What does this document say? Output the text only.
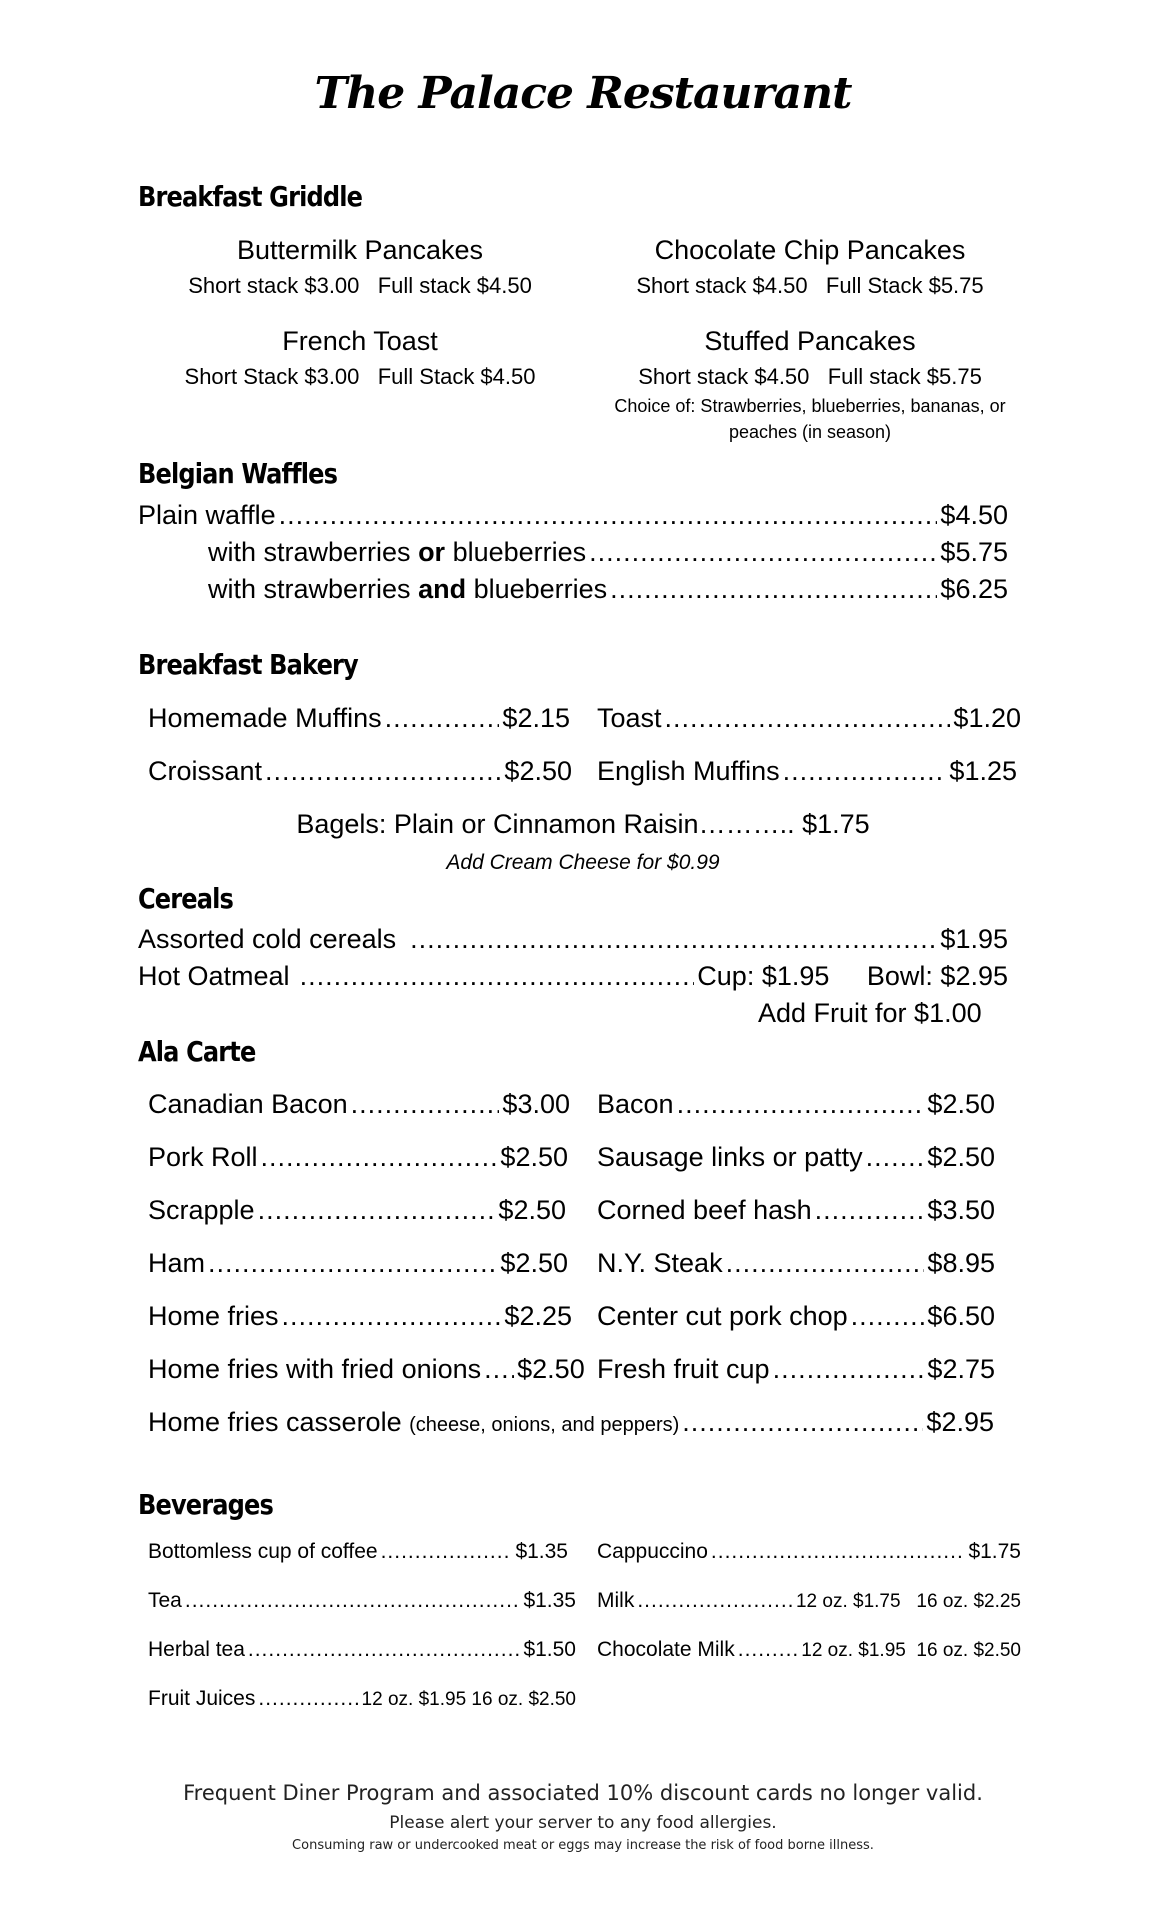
The Palace Restaurant
Breakfast Griddle
Buttermilk Pancakes
Short stack $3.00   Full stack $4.50
Chocolate Chip Pancakes
Short stack $4.50   Full Stack $5.75
French Toast
Short Stack $3.00   Full Stack $4.50
Stuffed Pancakes
Short stack $4.50   Full stack $5.75
Choice of: Strawberries, blueberries, bananas, or peaches (in season)
Belgian Waffles
Plain waffle .....	$4.50
with strawberries or blueberries .....	$5.75
with strawberries and blueberries .....	$6.25
Breakfast Bakery
Homemade Muffins .....	$2.15 Toast .....	$1.20
Croissant .....	$2.50 English Muffins .....	$1.25
Bagels: Plain or Cinnamon Raisin……….. $1.75
Add Cream Cheese for $0.99
Cereals
Assorted cold cereals .....	$1.95
Hot Oatmeal .....	Cup: $1.95     Bowl: $2.95
Add Fruit for $1.00
Ala Carte
Canadian Bacon .....	$3.00 Bacon .....	$2.50
Pork Roll .....	$2.50 Sausage links or patty ..... $2.50
Scrapple .....	$2.50 Corned beef hash .....	$3.50
Ham .....	$2.50 N.Y. Steak .....	$8.95
Home fries .....	$2.25 Center cut pork chop .....	$6.50
Home fries with fried onions ..... $2.50 Fresh fruit cup .....	$2.75
Home fries casserole (cheese, onions, and peppers) .....	$2.95
Beverages
Bottomless cup of coffee .....	$1.35 Cappuccino .....	$1.75
Tea .....	$1.35 Milk .....	12 oz. $1.75   16 oz. $2.25
Herbal tea .....	$1.50 Chocolate Milk .....	12 oz. $1.95  16 oz. $2.50
Fruit Juices .....	12 oz. $1.95 16 oz. $2.50
Frequent Diner Program and associated 10% discount cards no longer valid.
Please alert your server to any food allergies.
Consuming raw or undercooked meat or eggs may increase the risk of food borne illness.
